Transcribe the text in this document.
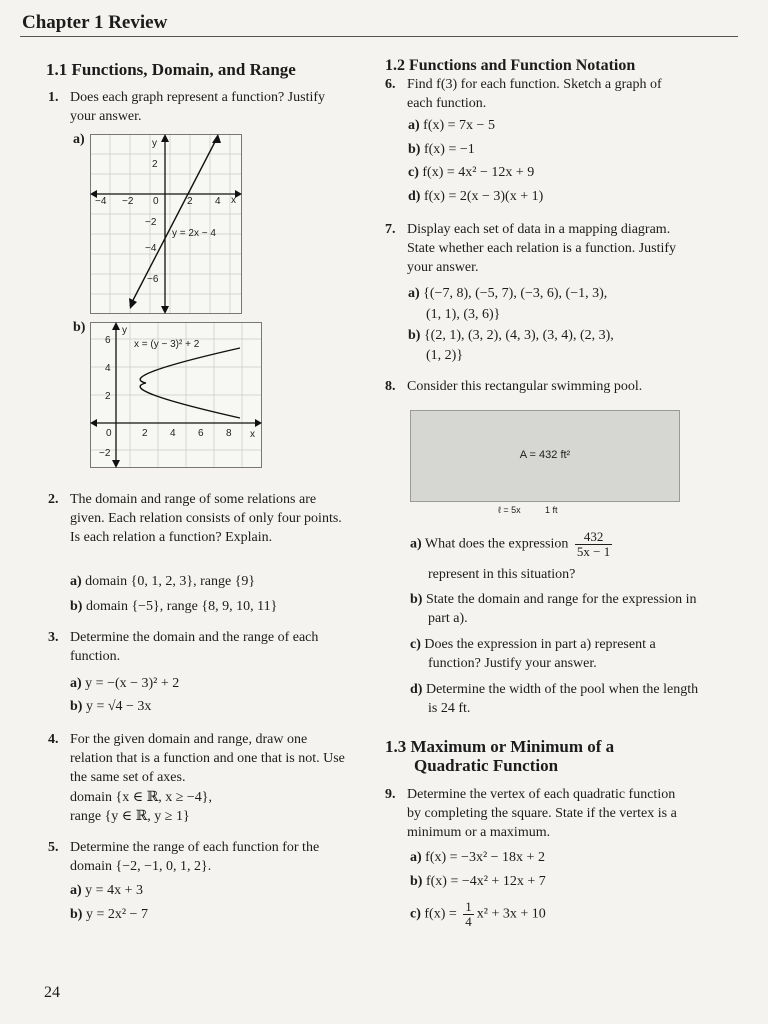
Chapter 1 Review
1.1 Functions, Domain, and Range
1. Does each graph represent a function? Justify your answer.
a)	y
x
−4 −2 0	2 4
2
−2
−4
−6
y = 2x − 4
b)	y
x
x = (y − 3)² + 2
6
4
2
−2
0	2 4 6 8
2. The domain and range of some relations are given. Each relation consists of only four points. Is each relation a function? Explain.
a) domain {0, 1, 2, 3}, range {9}
b) domain {−5}, range {8, 9, 10, 11}
3. Determine the domain and the range of each function.
a) y = −(x − 3)² + 2
b) y = √4 − 3x
4. For the given domain and range, draw one relation that is a function and one that is not. Use the same set of axes.
domain {x ∈ ℝ, x ≥ −4},
range {y ∈ ℝ, y ≥ 1}
5. Determine the range of each function for the domain {−2, −1, 0, 1, 2}.
a) y = 4x + 3
b) y = 2x² − 7
24
1.2 Functions and Function Notation
6. Find f(3) for each function. Sketch a graph of each function.
a) f(x) = 7x − 5
b) f(x) = −1
c) f(x) = 4x² − 12x + 9
d) f(x) = 2(x − 3)(x + 1)
7. Display each set of data in a mapping diagram. State whether each relation is a function. Justify your answer.
a) {(−7, 8), (−5, 7), (−3, 6), (−1, 3),
(1, 1), (3, 6)}
b) {(2, 1), (3, 2), (4, 3), (3, 4), (2, 3),
(1, 2)}
8. Consider this rectangular swimming pool.
A = 432 ft²
ℓ = 5x	1 ft
a) What does the expression $\frac{432}{5x - 1}$
represent in this situation?
b) State the domain and range for the expression in part a).
c) Does the expression in part a) represent a function? Justify your answer.
d) Determine the width of the pool when the length is 24 ft.
1.3 Maximum or Minimum of a
Quadratic Function
9. Determine the vertex of each quadratic function by completing the square. State if the vertex is a minimum or a maximum.
a) f(x) = −3x² − 18x + 2
b) f(x) = −4x² + 12x + 7
c) $f(x) = \frac{1}{4} x^2 + 3x + 10$
